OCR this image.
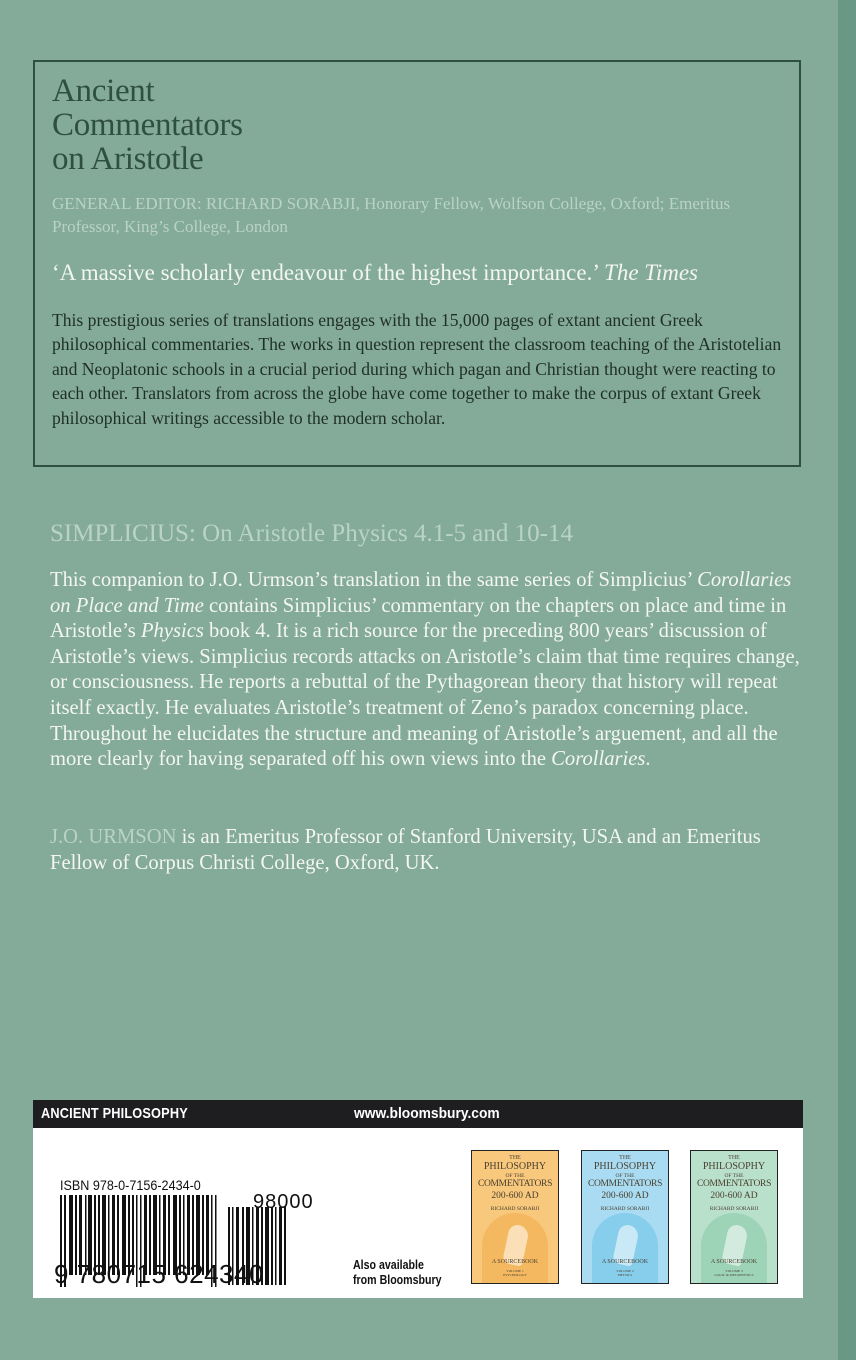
Ancient
Commentators
on Aristotle
GENERAL EDITOR: RICHARD SORABJI, Honorary Fellow, Wolfson College, Oxford; Emeritus Professor, King’s College, London
‘A massive scholarly endeavour of the highest importance.’ The Times

This prestigious series of translations engages with the 15,000 pages of extant ancient Greek philosophical commentaries. The works in question represent the classroom teaching of the Aristotelian and Neoplatonic schools in a crucial period during which pagan and Christian thought were reacting to each other. Translators from across the globe have come together to make the corpus of extant Greek philosophical writings accessible to the modern scholar.

SIMPLICIUS: On Aristotle Physics 4.1-5 and 10-14

This companion to J.O. Urmson’s translation in the same series of Simplicius’ Corollaries on Place and Time contains Simplicius’ commentary on the chapters on place and time in Aristotle’s Physics book 4. It is a rich source for the preceding 800 years’ discussion of Aristotle’s views. Simplicius records attacks on Aristotle’s claim that time requires change, or consciousness. He reports a rebuttal of the Pythagorean theory that history will repeat itself exactly. He evaluates Aristotle’s treatment of Zeno’s paradox concerning place. Throughout he elucidates the structure and meaning of Aristotle’s arguement, and all the more clearly for having separated off his own views into the Corollaries.

J.O. URMSON is an Emeritus Professor of Stanford University, USA and an Emeritus Fellow of Corpus Christi College, Oxford, UK.

ANCIENT PHILOSOPHY	www.bloomsbury.com
ISBN 978-0-7156-2434-0
98000
9 780715 624340	Also available
from Bloomsbury
THE
PHILOSOPHY
OF THE
COMMENTATORS
200-600 AD
RICHARD SORABJI
A SOURCEBOOK
VOLUME 1
PSYCHOLOGY
THE
PHILOSOPHY
OF THE
COMMENTATORS
200-600 AD
RICHARD SORABJI
A SOURCEBOOK
VOLUME 2
PHYSICS
THE
PHILOSOPHY
OF THE
COMMENTATORS
200-600 AD
RICHARD SORABJI
A SOURCEBOOK
VOLUME 3
LOGIC & METAPHYSICS
